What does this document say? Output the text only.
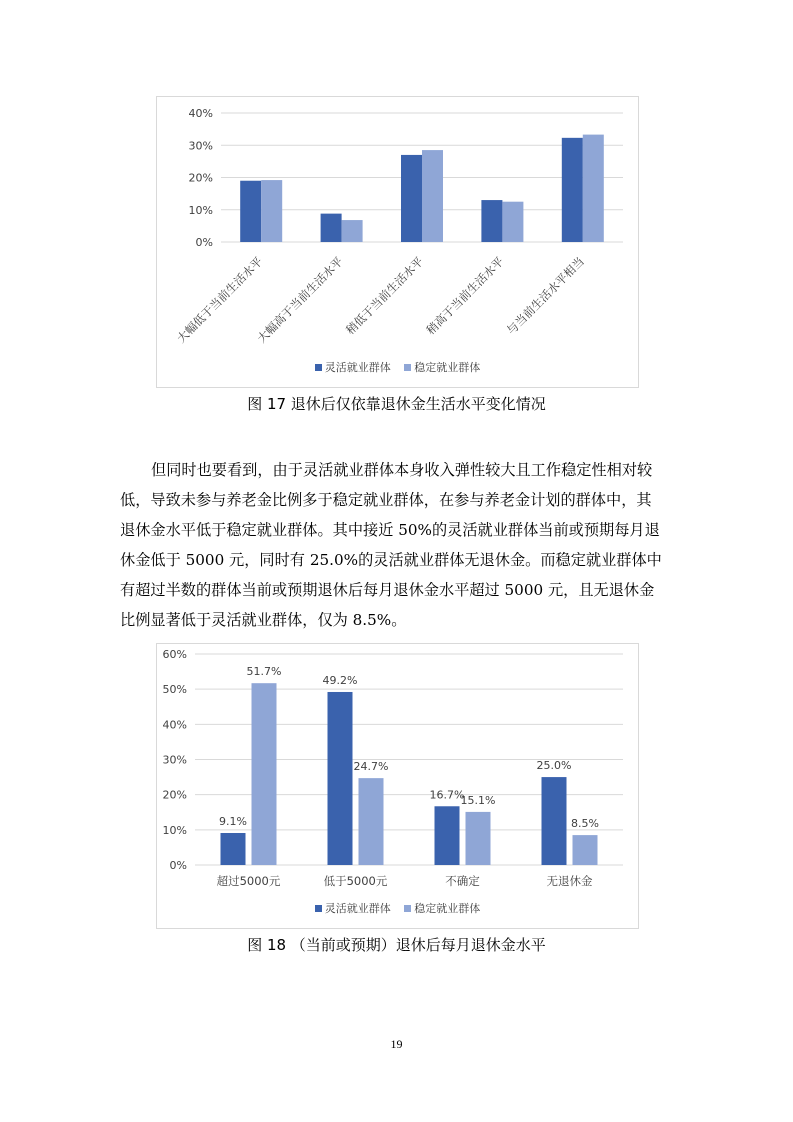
0%
10%
20%
30%
40%
大幅低于当前生活水平
大幅高于当前生活水平
稍低于当前生活水平
稍高于当前生活水平
与当前生活水平相当
灵活就业群体 稳定就业群体
图 17 退休后仅依靠退休金生活水平变化情况
但同时也要看到，由于灵活就业群体本身收入弹性较大且工作稳定性相对较
低，导致未参与养老金比例多于稳定就业群体，在参与养老金计划的群体中，其
退休金水平低于稳定就业群体。其中接近 50%的灵活就业群体当前或预期每月退
休金低于 5000 元，同时有 25.0%的灵活就业群体无退休金。而稳定就业群体中
有超过半数的群体当前或预期退休后每月退休金水平超过 5000 元，且无退休金
比例显著低于灵活就业群体，仅为 8.5%。
0%
10%
20%
30%
40%
50%
60%
9.1%
51.7%
超过5000元
49.2%
24.7%
低于5000元
16.7%
15.1%
不确定
25.0%
8.5%
无退休金
灵活就业群体 稳定就业群体
图 18 （当前或预期）退休后每月退休金水平
19
